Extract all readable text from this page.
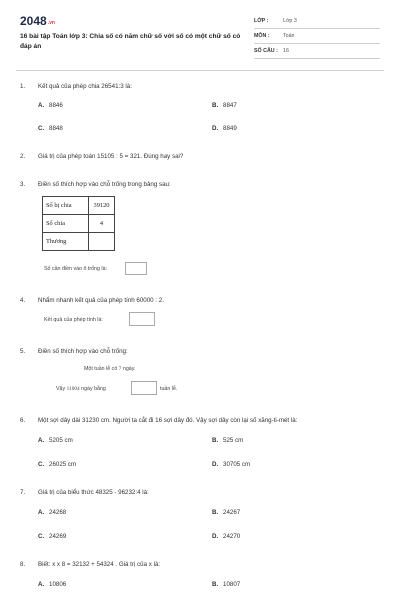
2048.vn
16 bài tập Toán lớp 3: Chia số có năm chữ số với số có một chữ số có đáp án
LỚP :	Lớp 3
MÔN :	Toán
SỐ CÂU : 16
1. Kết quả của phép chia 26541:3 là:
A. 8846	B. 8847
C. 8848	D. 8849
2. Giá trị của phép toán 15105 : 5 = 321. Đúng hay sai?
3. Điền số thích hợp vào chỗ trống trong bảng sau:
Số bị chia	39120
Số chia	4
Thương	
Số cần điền vào ô trống là:
4. Nhẩm nhanh kết quả của phép tính 60000 : 2.
Kết quả của phép tính là:
5. Điền số thích hợp vào chỗ trống:
Một tuần lễ có 7 ngày.
Vậy 11004 ngày bằng	tuần lễ.
6. Một sợi dây dài 31230 cm. Người ta cắt đi 16 sợi dây đó. Vậy sợi dây còn lại số xăng-ti-mét là:
A. 5205 cm	B. 525 cm
C. 26025 cm	D. 30705 cm
7. Giá trị của biểu thức 48325 - 96232:4 là:
A. 24268	B. 24267
C. 24269	D. 24270
8. Biết: x x 8 = 32132 + 54324 . Giá trị của x là:
A. 10806	B. 10807
